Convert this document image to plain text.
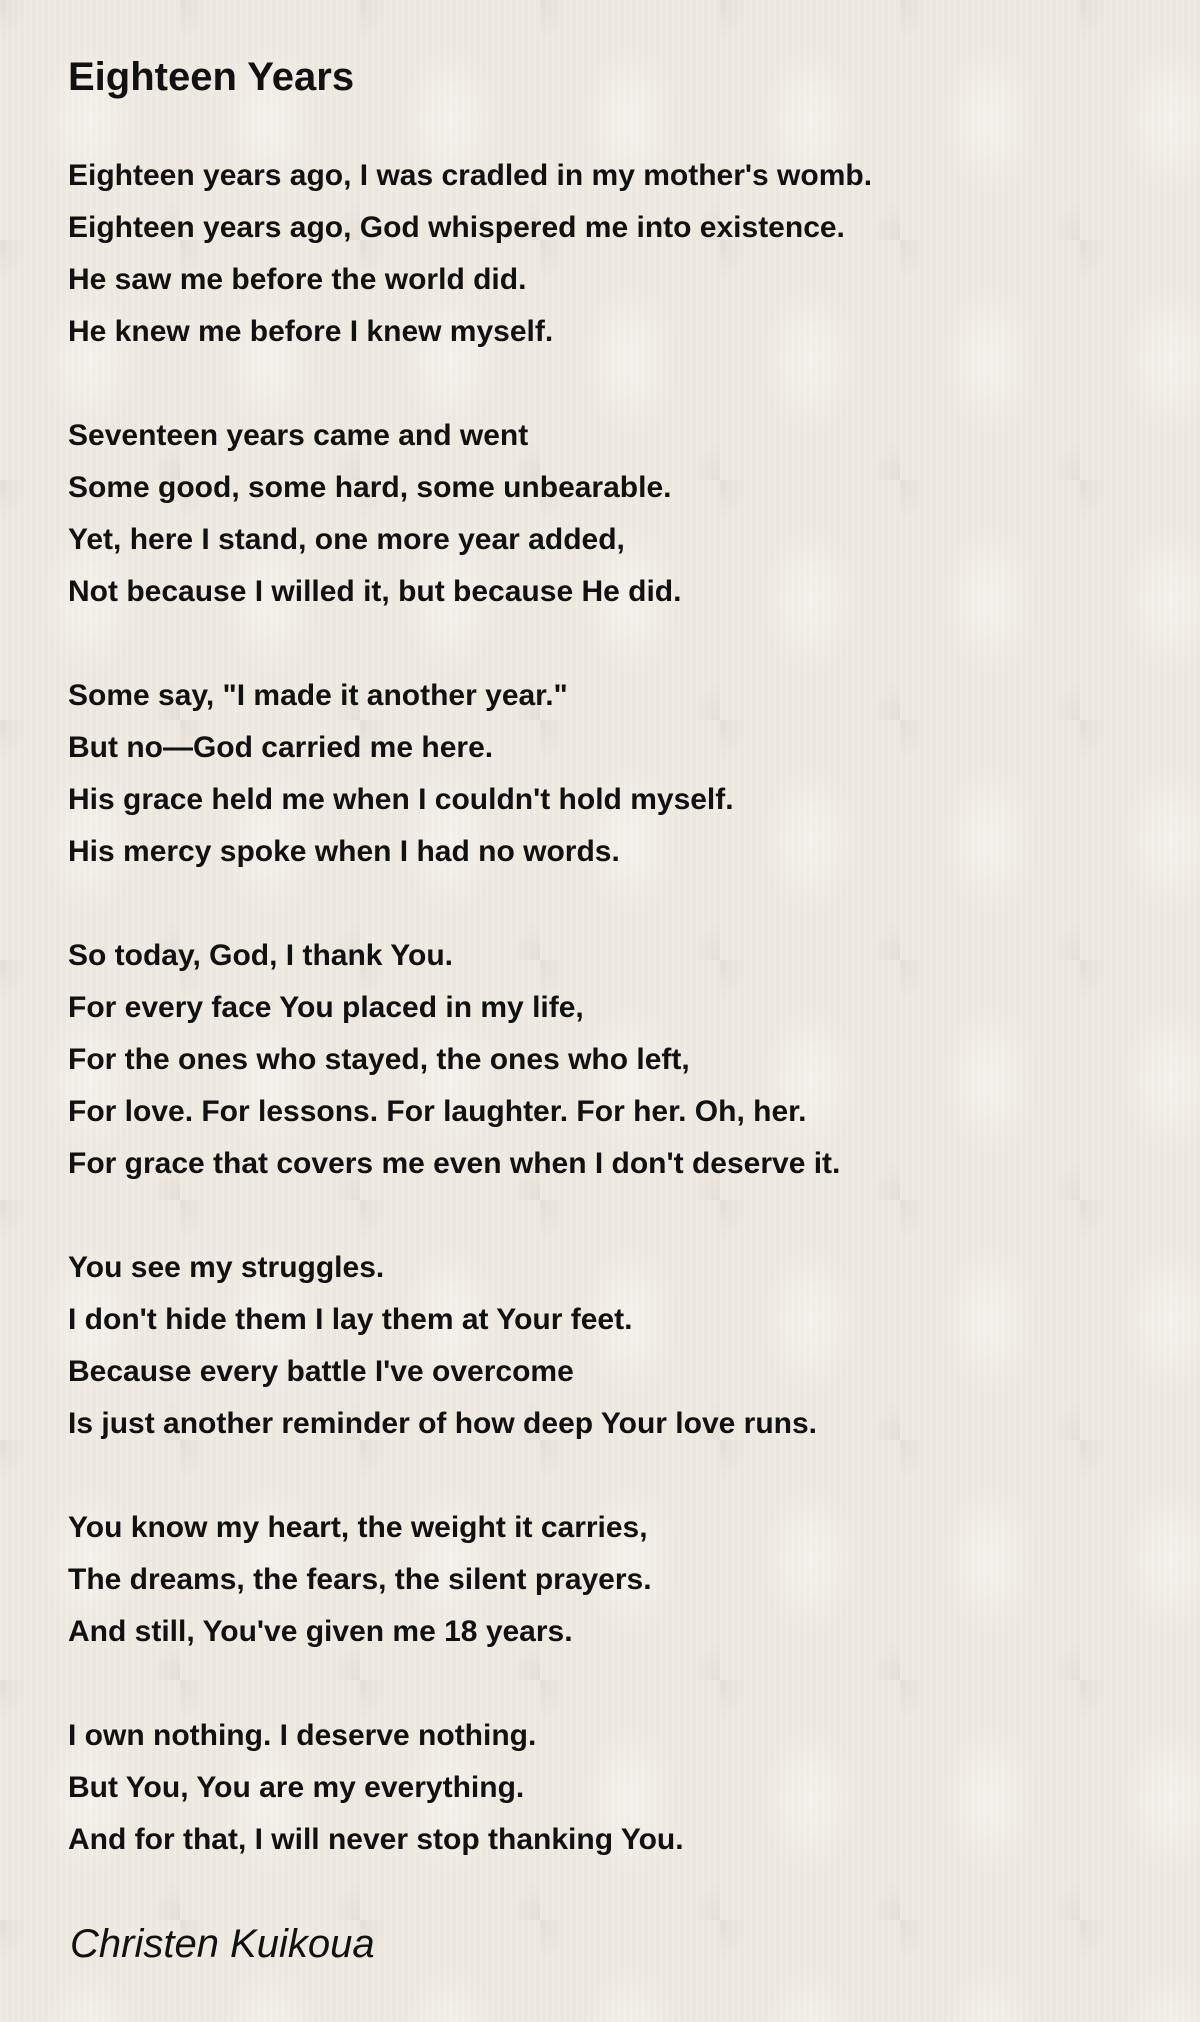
Eighteen Years
Eighteen years ago, I was cradled in my mother's womb.
Eighteen years ago, God whispered me into existence.
He saw me before the world did.
He knew me before I knew myself.
Seventeen years came and went
Some good, some hard, some unbearable.
Yet, here I stand, one more year added,
Not because I willed it, but because He did.
Some say, "I made it another year."
But no—God carried me here.
His grace held me when I couldn't hold myself.
His mercy spoke when I had no words.
So today, God, I thank You.
For every face You placed in my life,
For the ones who stayed, the ones who left,
For love. For lessons. For laughter. For her. Oh, her.
For grace that covers me even when I don't deserve it.
You see my struggles.
I don't hide them I lay them at Your feet.
Because every battle I've overcome
Is just another reminder of how deep Your love runs.
You know my heart, the weight it carries,
The dreams, the fears, the silent prayers.
And still, You've given me 18 years.
I own nothing. I deserve nothing.
But You, You are my everything.
And for that, I will never stop thanking You.
Christen Kuikoua
